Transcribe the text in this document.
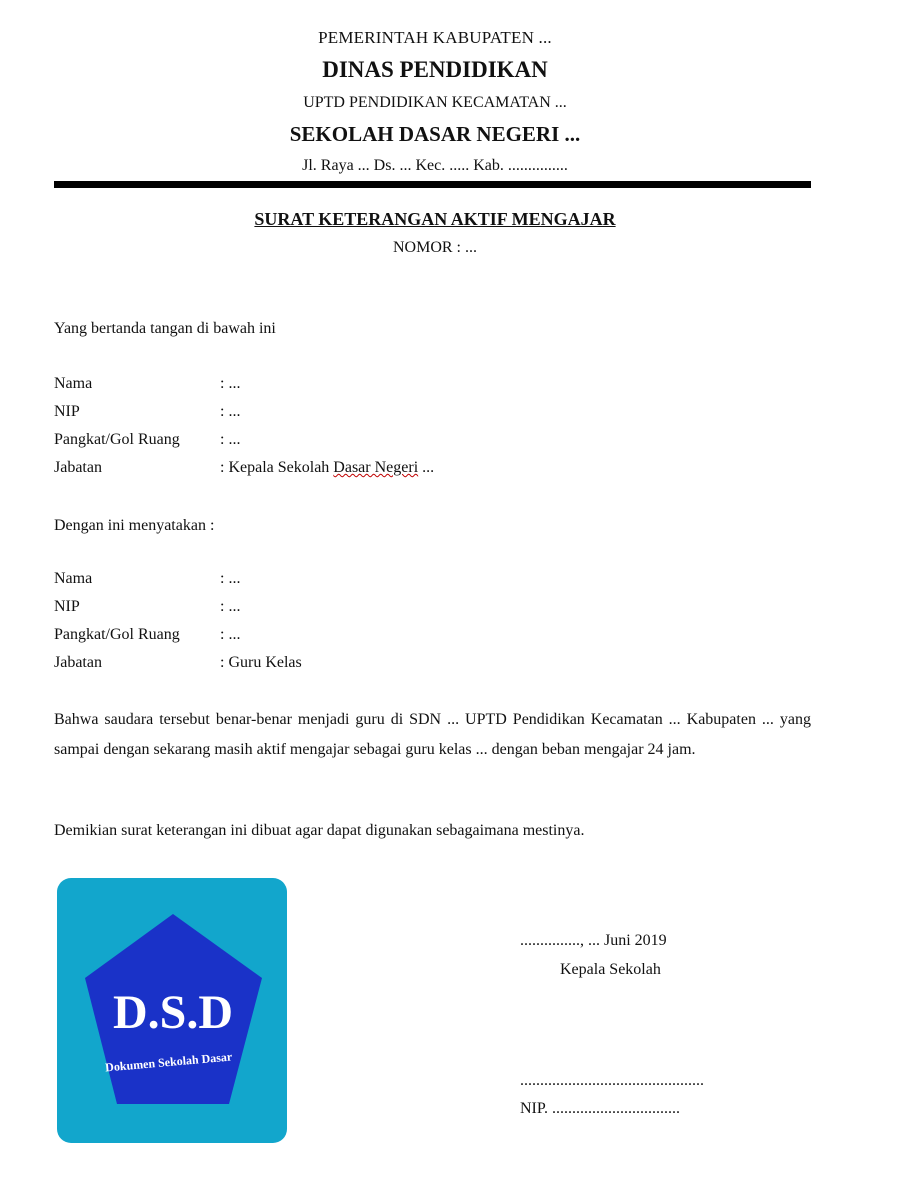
PEMERINTAH KABUPATEN ...
DINAS PENDIDIKAN
UPTD PENDIDIKAN KECAMATAN ...
SEKOLAH DASAR NEGERI ...
Jl. Raya ... Ds. ... Kec. ..... Kab. ...............
SURAT KETERANGAN AKTIF MENGAJAR
NOMOR : ...
Yang bertanda tangan di bawah ini
Nama	: ...
NIP	: ...
Pangkat/Gol Ruang	: ...
Jabatan	: Kepala Sekolah Dasar Negeri ...
Dengan ini menyatakan :
Nama	: ...
NIP	: ...
Pangkat/Gol Ruang	: ...
Jabatan	: Guru Kelas
Bahwa saudara tersebut benar-benar menjadi guru di SDN ... UPTD Pendidikan Kecamatan ... Kabupaten ... yang sampai dengan sekarang masih aktif mengajar sebagai guru kelas ... dengan beban mengajar 24 jam.
Demikian surat keterangan ini dibuat agar dapat digunakan sebagaimana mestinya.
D.S.D
Dokumen Sekolah Dasar
..............., ... Juni 2019
Kepala Sekolah
..............................................
NIP. ................................
